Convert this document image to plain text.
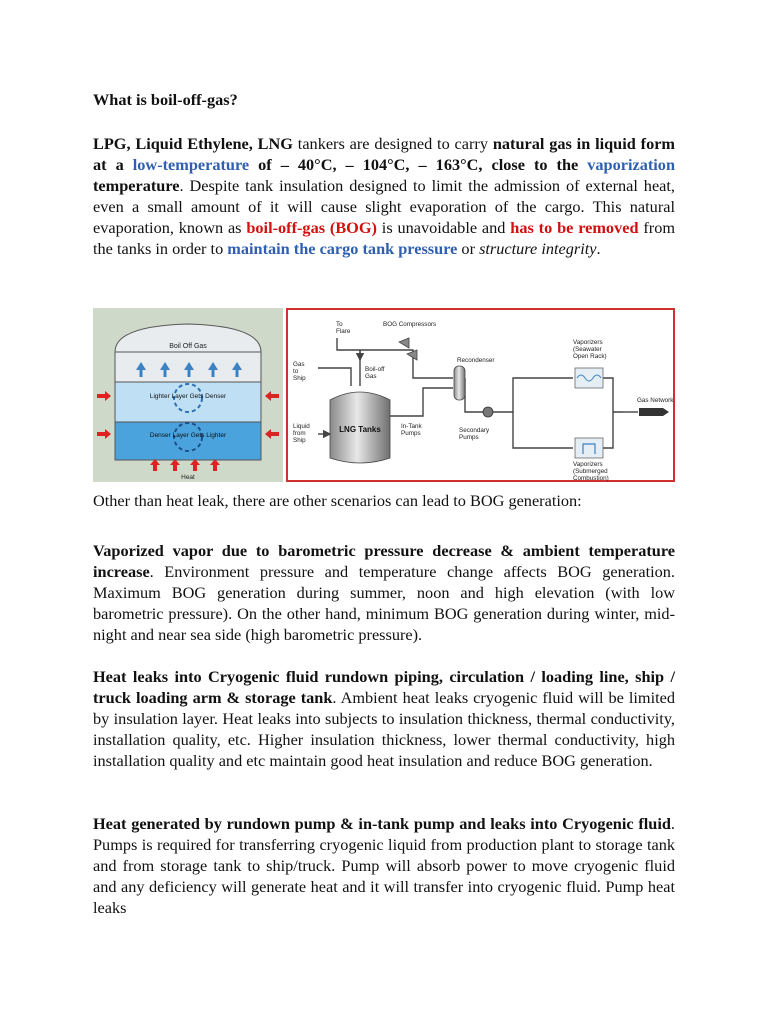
What is boil-off-gas?
LPG, Liquid Ethylene, LNG tankers are designed to carry natural gas in liquid form at a low-temperature of – 40°C, – 104°C, – 163°C, close to the vaporization temperature. Despite tank insulation designed to limit the admission of external heat, even a small amount of it will cause slight evaporation of the cargo. This natural evaporation, known as boil-off-gas (BOG) is unavoidable and has to be removed from the tanks in order to maintain the cargo tank pressure or structure integrity.
Boil Off Gas
Lighter Layer Gets Denser
Denser Layer Gets Lighter
Heat
LNG Tanks
To
Flare
BOG Compressors
Gas
to
Ship
Boil-off
Gas
Recondenser
Liquid
from
Ship
In-Tank
Pumps	Secondary
Pumps
Vaporizers
(Seawater
Open Rack)
Gas Network
Vaporizers
(Submerged
Combustion)
Other than heat leak, there are other scenarios can lead to BOG generation:
Vaporized vapor due to barometric pressure decrease & ambient temperature increase. Environment pressure and temperature change affects BOG generation. Maximum BOG generation during summer, noon and high elevation (with low barometric pressure). On the other hand, minimum BOG generation during winter, mid-night and near sea side (high barometric pressure).
Heat leaks into Cryogenic fluid rundown piping, circulation / loading line, ship / truck loading arm & storage tank. Ambient heat leaks cryogenic fluid will be limited by insulation layer. Heat leaks into subjects to insulation thickness, thermal conductivity, installation quality, etc. Higher insulation thickness, lower thermal conductivity, high installation quality and etc maintain good heat insulation and reduce BOG generation.
Heat generated by rundown pump & in-tank pump and leaks into Cryogenic fluid. Pumps is required for transferring cryogenic liquid from production plant to storage tank and from storage tank to ship/truck. Pump will absorb power to move cryogenic fluid and any deficiency will generate heat and it will transfer into cryogenic fluid. Pump heat leaks
